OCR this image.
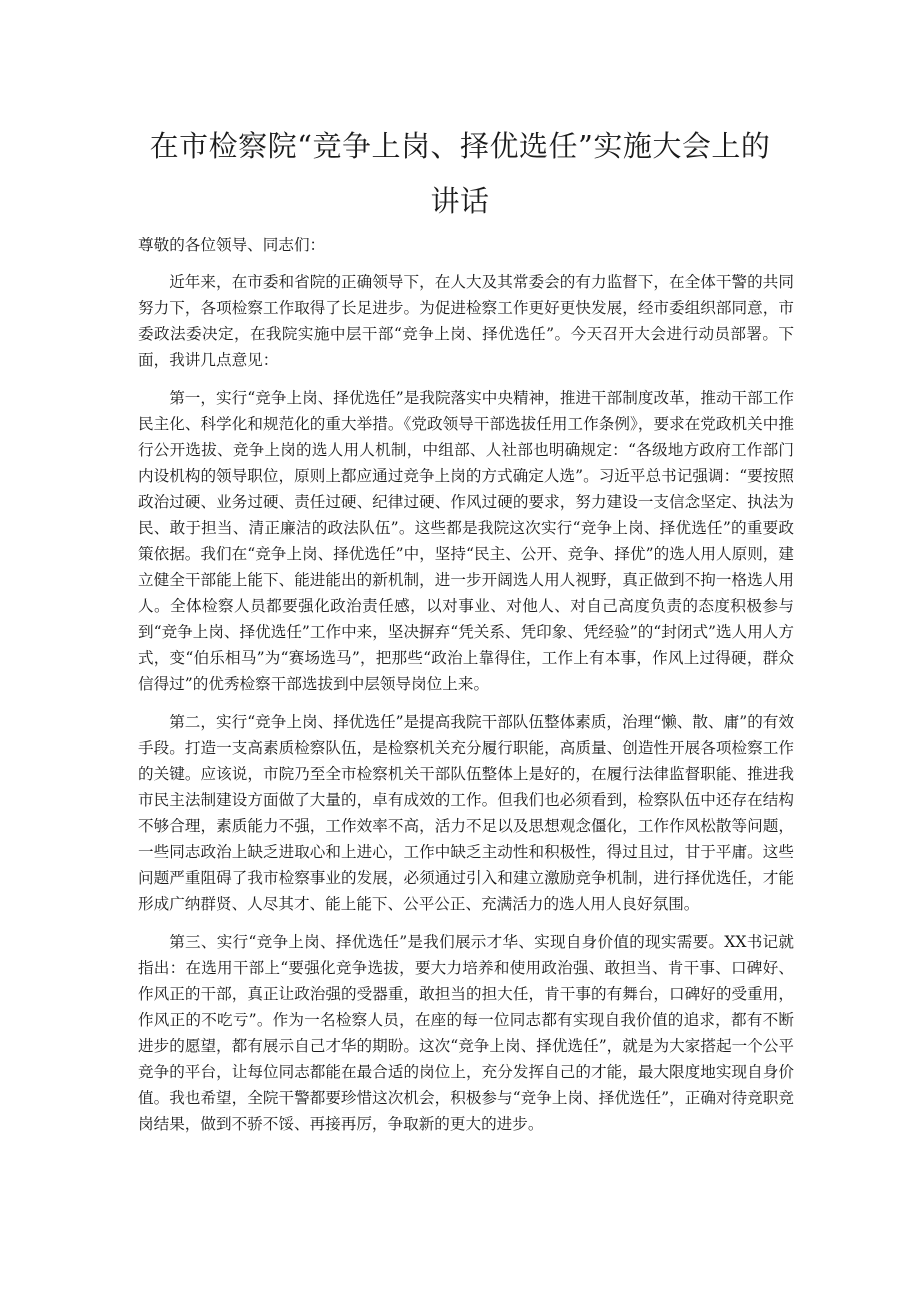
在市检察院“竞争上岗、择优选任”实施大会上的
讲话

尊敬的各位领导、同志们：

近年来，在市委和省院的正确领导下，在人大及其常委会的有力监督下，在全体干警的共同努力下，各项检察工作取得了长足进步。为促进检察工作更好更快发展，经市委组织部同意，市委政法委决定，在我院实施中层干部“竞争上岗、择优选任”。今天召开大会进行动员部署。下面，我讲几点意见：

第一，实行“竞争上岗、择优选任”是我院落实中央精神，推进干部制度改革，推动干部工作民主化、科学化和规范化的重大举措。《党政领导干部选拔任用工作条例》，要求在党政机关中推行公开选拔、竞争上岗的选人用人机制，中组部、人社部也明确规定：“各级地方政府工作部门内设机构的领导职位，原则上都应通过竞争上岗的方式确定人选”。习近平总书记强调：“要按照政治过硬、业务过硬、责任过硬、纪律过硬、作风过硬的要求，努力建设一支信念坚定、执法为民、敢于担当、清正廉洁的政法队伍”。这些都是我院这次实行“竞争上岗、择优选任”的重要政策依据。我们在“竞争上岗、择优选任”中，坚持“民主、公开、竞争、择优”的选人用人原则，建立健全干部能上能下、能进能出的新机制，进一步开阔选人用人视野，真正做到不拘一格选人用人。全体检察人员都要强化政治责任感，以对事业、对他人、对自己高度负责的态度积极参与到“竞争上岗、择优选任”工作中来，坚决摒弃“凭关系、凭印象、凭经验”的“封闭式”选人用人方式，变“伯乐相马”为“赛场选马”，把那些“政治上靠得住，工作上有本事，作风上过得硬，群众信得过”的优秀检察干部选拔到中层领导岗位上来。

第二，实行“竞争上岗、择优选任”是提高我院干部队伍整体素质，治理“懒、散、庸”的有效手段。打造一支高素质检察队伍，是检察机关充分履行职能，高质量、创造性开展各项检察工作的关键。应该说，市院乃至全市检察机关干部队伍整体上是好的，在履行法律监督职能、推进我市民主法制建设方面做了大量的，卓有成效的工作。但我们也必须看到，检察队伍中还存在结构不够合理，素质能力不强，工作效率不高，活力不足以及思想观念僵化，工作作风松散等问题，一些同志政治上缺乏进取心和上进心，工作中缺乏主动性和积极性，得过且过，甘于平庸。这些问题严重阻碍了我市检察事业的发展，必须通过引入和建立激励竞争机制，进行择优选任，才能形成广纳群贤、人尽其才、能上能下、公平公正、充满活力的选人用人良好氛围。

第三、实行“竞争上岗、择优选任”是我们展示才华、实现自身价值的现实需要。XX书记就指出：在选用干部上“要强化竞争选拔，要大力培养和使用政治强、敢担当、肯干事、口碑好、作风正的干部，真正让政治强的受器重，敢担当的担大任，肯干事的有舞台，口碑好的受重用，作风正的不吃亏”。作为一名检察人员，在座的每一位同志都有实现自我价值的追求，都有不断进步的愿望，都有展示自己才华的期盼。这次“竞争上岗、择优选任”，就是为大家搭起一个公平竞争的平台，让每位同志都能在最合适的岗位上，充分发挥自己的才能，最大限度地实现自身价值。我也希望，全院干警都要珍惜这次机会，积极参与“竞争上岗、择优选任”，正确对待竞职竞岗结果，做到不骄不馁、再接再厉，争取新的更大的进步。
